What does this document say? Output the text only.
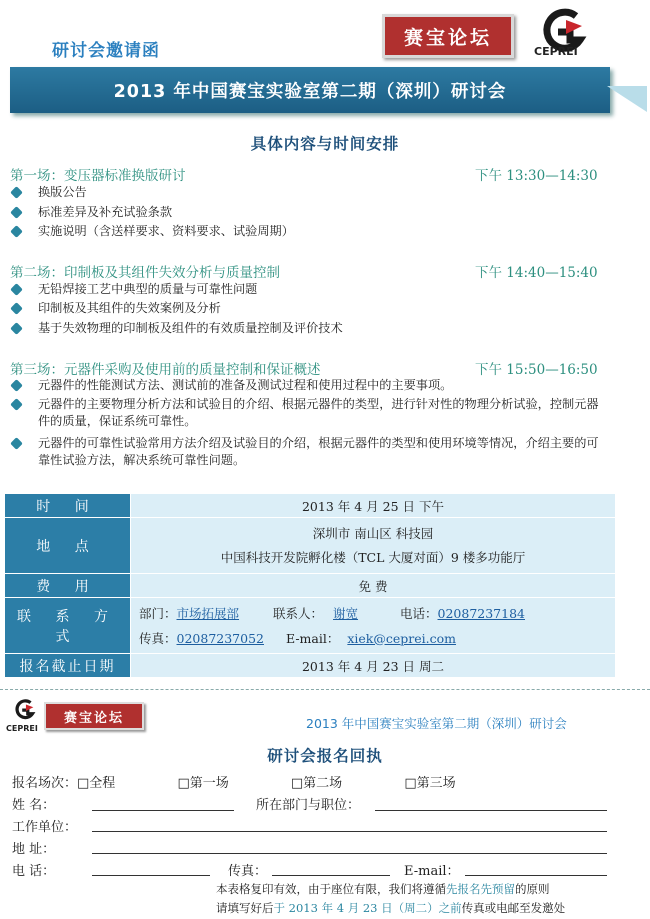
研讨会邀请函
赛宝论坛
CEPREI
2013 年中国赛宝实验室第二期（深圳）研讨会
具体内容与时间安排
第一场：变压器标准换版研讨	下午 13:30—14:30
换版公告
标准差异及补充试验条款
实施说明（含送样要求、资料要求、试验周期）
第二场：印制板及其组件失效分析与质量控制	下午 14:40—15:40
无铅焊接工艺中典型的质量与可靠性问题
印制板及其组件的失效案例及分析
基于失效物理的印制板及组件的有效质量控制及评价技术
第三场：元器件采购及使用前的质量控制和保证概述	下午 15:50—16:50
元器件的性能测试方法、测试前的准备及测试过程和使用过程中的主要事项。
元器件的主要物理分析方法和试验目的介绍、根据元器件的类型，进行针对性的物理分析试验，控制元器件的质量，保证系统可靠性。
元器件的可靠性试验常用方法介绍及试验目的介绍，根据元器件的类型和使用环境等情况，介绍主要的可靠性试验方法，解决系统可靠性问题。
时 间	2013 年 4 月 25 日 下午
地 点	深圳市 南山区 科技园
中国科技开发院孵化楼（TCL 大厦对面）9 楼多功能厅

费 用	免 费
联 系 方 式	部门：市场拓展部 联系人： 谢宽 电话：02087237184
传真：02087237052 E-mail： xiek@ceprei.com

报名截止日期	2013 年 4 月 23 日 周二
CEPREI
赛宝论坛	2013 年中国赛宝实验室第二期（深圳）研讨会
研讨会报名回执
报名场次：□全程	□第一场	□第二场	□第三场
姓 名：	所在部门与职位：
工作单位：
地 址：
电 话：	传真：	E-mail：
本表格复印有效，由于座位有限，我们将遵循先报名先预留的原则
请填写好后于 2013 年 4 月 23 日（周二）之前传真或电邮至发邀处
